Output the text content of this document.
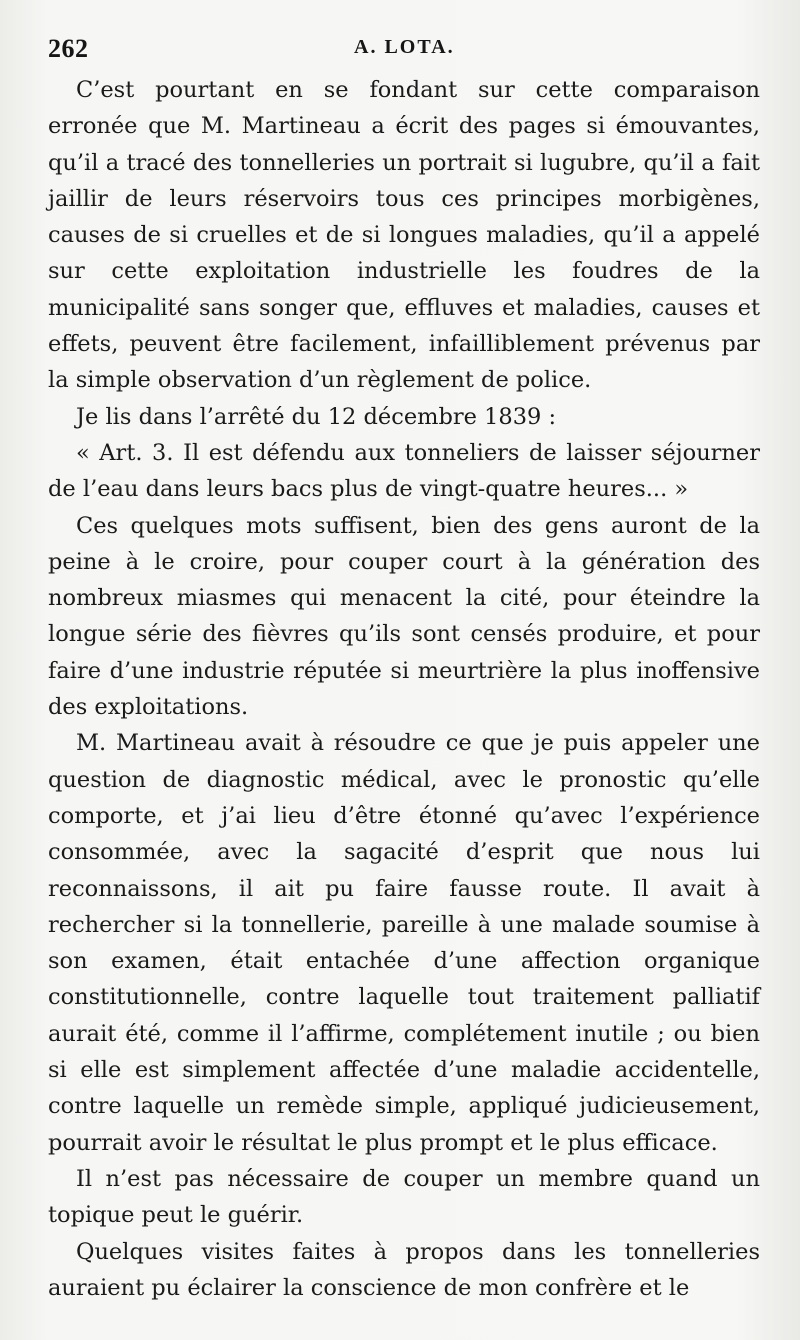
262	A. LOTA.

C’est pourtant en se fondant sur cette comparaison erronée que M. Martineau a écrit des pages si émouvantes, qu’il a tracé des tonnelleries un portrait si lugubre, qu’il a fait jaillir de leurs réservoirs tous ces principes morbigènes, causes de si cruelles et de si longues maladies, qu’il a appelé sur cette exploitation industrielle les foudres de la municipalité sans songer que, effluves et maladies, causes et effets, peuvent être facilement, infailliblement prévenus par la simple observation d’un règlement de police.

Je lis dans l’arrêté du 12 décembre 1839 :

« Art. 3. Il est défendu aux tonneliers de laisser séjourner de l’eau dans leurs bacs plus de vingt-quatre heures... »

Ces quelques mots suffisent, bien des gens auront de la peine à le croire, pour couper court à la génération des nombreux miasmes qui menacent la cité, pour éteindre la longue série des fièvres qu’ils sont censés produire, et pour faire d’une industrie réputée si meurtrière la plus inoffensive des exploitations.

M. Martineau avait à résoudre ce que je puis appeler une question de diagnostic médical, avec le pronostic qu’elle comporte, et j’ai lieu d’être étonné qu’avec l’expérience consommée, avec la sagacité d’esprit que nous lui reconnaissons, il ait pu faire fausse route. Il avait à rechercher si la tonnellerie, pareille à une malade soumise à son examen, était entachée d’une affection organique constitutionnelle, contre laquelle tout traitement palliatif aurait été, comme il l’affirme, complétement inutile ; ou bien si elle est simplement affectée d’une maladie accidentelle, contre laquelle un remède simple, appliqué judicieusement, pourrait avoir le résultat le plus prompt et le plus efficace.

Il n’est pas nécessaire de couper un membre quand un topique peut le guérir.

Quelques visites faites à propos dans les tonnelleries auraient pu éclairer la conscience de mon confrère et le
